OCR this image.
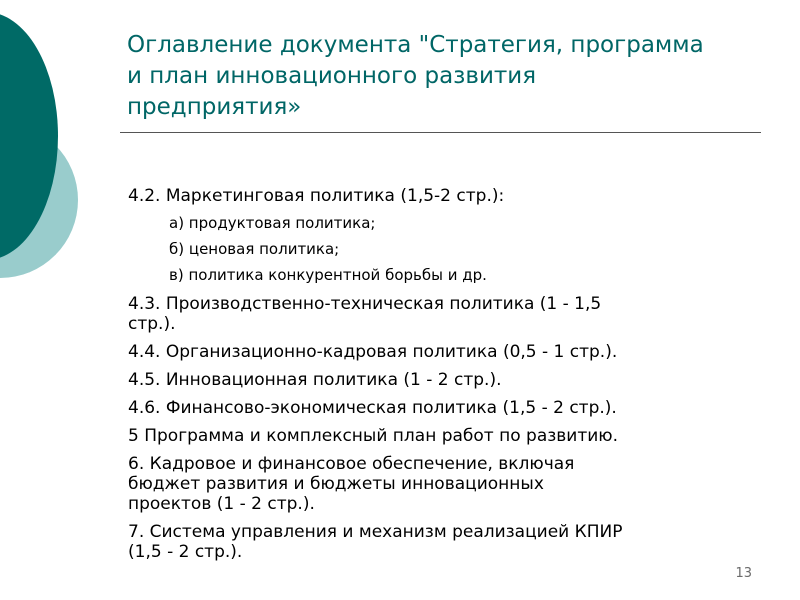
Оглавление документа "Стратегия, программа
и план инновационного развития
предприятия»
4.2. Маркетинговая политика (1,5-2 стр.):
а) продуктовая политика;
б) ценовая политика;
в) политика конкурентной борьбы и др.
4.3. Производственно-техническая политика (1 - 1,5
стр.).
4.4. Организационно-кадровая политика (0,5 - 1 стр.).
4.5. Инновационная политика (1 - 2 стр.).
4.6. Финансово-экономическая политика (1,5 - 2 стр.).
5 Программа и комплексный план работ по развитию.
6. Кадровое и финансовое обеспечение, включая
бюджет развития и бюджеты инновационных
проектов (1 - 2 стр.).
7. Система управления и механизм реализацией КПИР
(1,5 - 2 стр.).
13
